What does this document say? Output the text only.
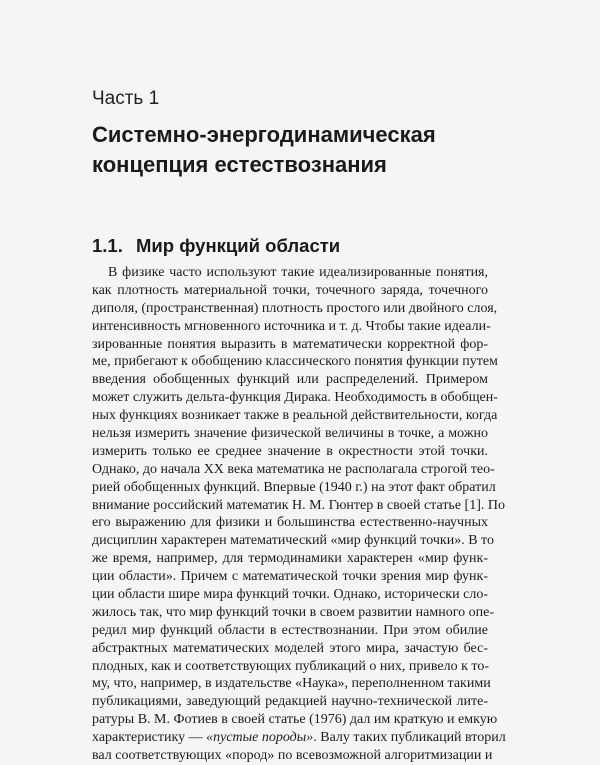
Часть 1

Системно-энергодинамическая
концепция естествознания
1.1. Мир функций области
В физике часто используют такие идеализированные понятия,
как плотность материальной точки, точечного заряда, точечного
диполя, (пространственная) плотность простого или двойного слоя,
интенсивность мгновенного источника и т. д. Чтобы такие идеали-
зированные понятия выразить в математически корректной фор-
ме, прибегают к обобщению классического понятия функции путем
введения обобщенных функций или распределений. Примером
может служить дельта-функция Дирака. Необходимость в обобщен-
ных функциях возникает также в реальной действительности, когда
нельзя измерить значение физической величины в точке, а можно
измерить только ее среднее значение в окрестности этой точки.
Однако, до начала XX века математика не располагала строгой тео-
рией обобщенных функций. Впервые (1940 г.) на этот факт обратил
внимание российский математик Н. М. Гюнтер в своей статье [1]. По
его выражению для физики и большинства естественно-научных
дисциплин характерен математический «мир функций точки». В то
же время, например, для термодинамики характерен «мир функ-
ции области». Причем с математической точки зрения мир функ-
ции области шире мира функций точки. Однако, исторически сло-
жилось так, что мир функций точки в своем развитии намного опе-
редил мир функций области в естествознании. При этом обилие
абстрактных математических моделей этого мира, зачастую бес-
плодных, как и соответствующих публикаций о них, привело к то-
му, что, например, в издательстве «Наука», переполненном такими
публикациями, заведующий редакцией научно-технической лите-
ратуры В. М. Фотиев в своей статье (1976) дал им краткую и емкую
характеристику — «пустые породы». Валу таких публикаций вторил
вал соответствующих «пород» по всевозможной алгоритмизации и
